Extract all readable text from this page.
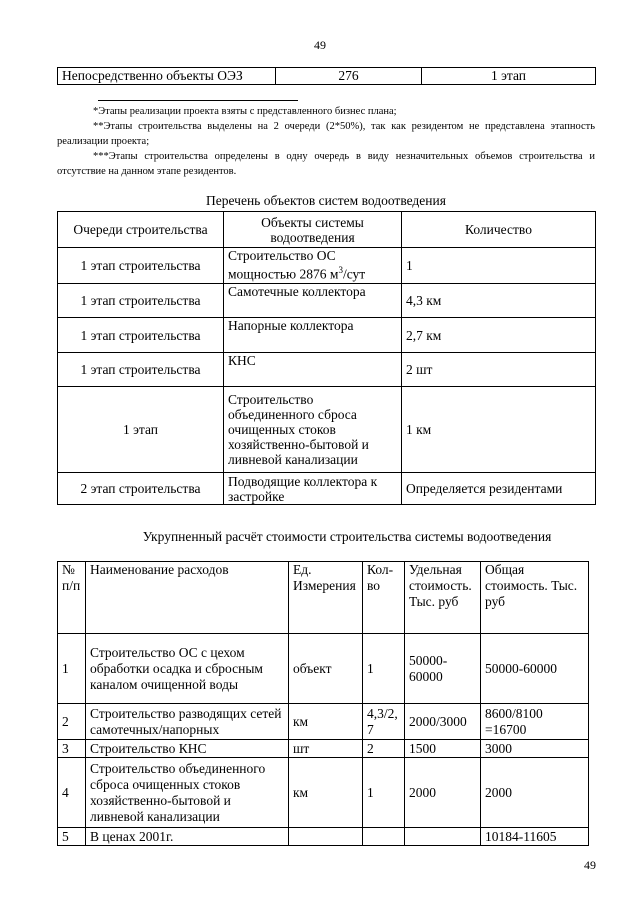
49
Непосредственно объекты ОЭЗ	276	1 этап

*Этапы реализации проекта взяты с представленного бизнес плана;

**Этапы строительства выделены на 2 очереди (2*50%), так как резидентом не представлена этапность реализации проекта;

***Этапы строительства определены в одну очередь в виду незначительных объемов строительства и отсутствие на данном этапе резидентов.

Перечень объектов систем водоотведения
Очереди строительства	Объекты системы водоотведения	Количество
1 этап строительства	Строительство ОС мощностью 2876 $м^3$/сут	1
1 этап строительства	Самотечные коллектора	4,3 км
1 этап строительства	Напорные коллектора	2,7 км
1 этап строительства	КНС	2 шт
1 этап	Строительство объединенного сброса очищенных стоков хозяйственно-бытовой и ливневой канализации	1 км
2 этап строительства	Подводящие коллектора к застройке	Определяется резидентами
Укрупненный расчёт стоимости строительства системы водоотведения
№ п/п	Наименование расходов	Ед. Измерения	Кол-во	Удельная стоимость. Тыс. руб	Общая стоимость. Тыс. руб
1	Строительство ОС с цехом обработки осадка и сбросным каналом очищенной воды	объект	1	50000-60000	50000-60000
2	Строительство разводящих сетей самотечных/напорных	км	4,3/2,7	2000/3000	8600/8100 =16700
3	Строительство КНС	шт	2	1500	3000
4	Строительство объединенного сброса очищенных стоков хозяйственно-бытовой и ливневой канализации	км	1	2000	2000
5	В ценах 2001г.				10184-11605
49
